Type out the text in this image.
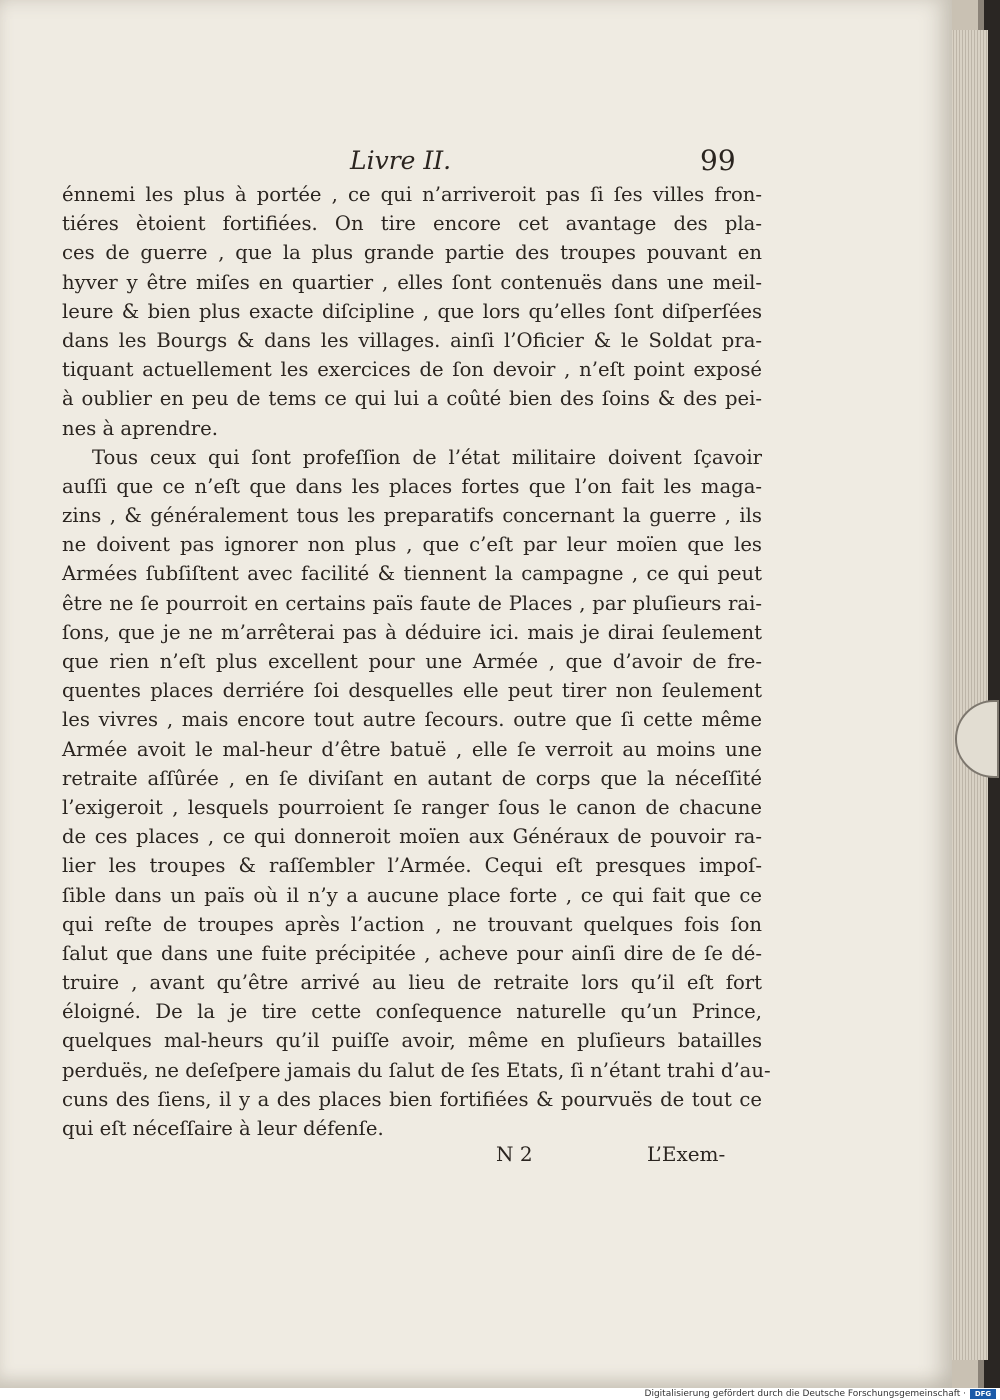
Livre II.	99
énnemi les plus à portée , ce qui n’arriveroit pas ſi ſes villes fron-
tiéres ètoient fortifiées. On tire encore cet avantage des pla-
ces de guerre , que la plus grande partie des troupes pouvant en
hyver y être miſes en quartier , elles ſont contenuës dans une meil-
leure & bien plus exacte diſcipline , que lors qu’elles ſont diſperſées
dans les Bourgs & dans les villages. ainſi l’Oficier & le Soldat pra-
tiquant actuellement les exercices de ſon devoir , n’eſt point exposé
à oublier en peu de tems ce qui lui a coûté bien des ſoins & des pei-
nes à aprendre.
Tous ceux qui ſont profeſſion de l’état militaire doivent ſçavoir
auſſi que ce n’eſt que dans les places fortes que l’on fait les maga-
zins , & généralement tous les preparatifs concernant la guerre , ils
ne doivent pas ignorer non plus , que c’eſt par leur moïen que les
Armées ſubſiſtent avec facilité & tiennent la campagne , ce qui peut
être ne ſe pourroit en certains païs faute de Places , par pluſieurs rai-
ſons, que je ne m’arrêterai pas à déduire ici. mais je dirai ſeulement
que rien n’eſt plus excellent pour une Armée , que d’avoir de fre-
quentes places derriére ſoi desquelles elle peut tirer non ſeulement
les vivres , mais encore tout autre ſecours. outre que ſi cette même
Armée avoit le mal-heur d’être batuë , elle ſe verroit au moins une
retraite aſſûrée , en ſe diviſant en autant de corps que la néceſſité
l’exigeroit , lesquels pourroient ſe ranger ſous le canon de chacune
de ces places , ce qui donneroit moïen aux Généraux de pouvoir ra-
lier les troupes & raſſembler l’Armée. Cequi eſt presques impoſ-
ſible dans un païs où il n’y a aucune place forte , ce qui fait que ce
qui reſte de troupes après l’action , ne trouvant quelques fois ſon
ſalut que dans une fuite précipitée , acheve pour ainſi dire de ſe dé-
truire , avant qu’être arrivé au lieu de retraite lors qu’il eſt fort
éloigné. De la je tire cette conſequence naturelle qu’un Prince,
quelques mal-heurs qu’il puiſſe avoir, même en pluſieurs batailles
perduës, ne deſeſpere jamais du ſalut de ſes Etats, ſi n’étant trahi d’au-
cuns des ſiens, il y a des places bien fortifiées & pourvuës de tout ce
qui eſt néceſſaire à leur défenſe.
N 2	L’Exem-
Digitalisierung gefördert durch die Deutsche Forschungsgemeinschaft ·	DFG
